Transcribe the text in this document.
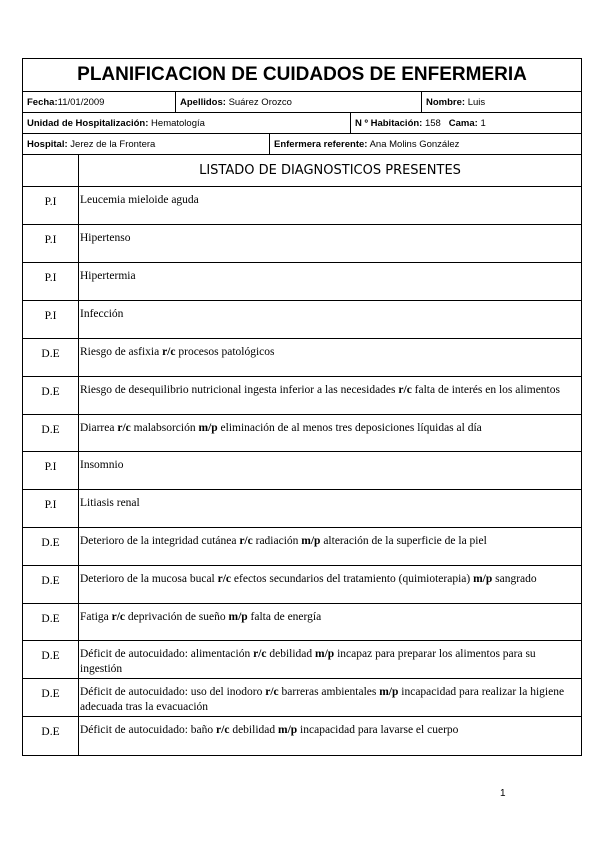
PLANIFICACION DE CUIDADOS DE ENFERMERIA
Fecha:11/01/2009	Apellidos: Suárez Orozco	Nombre: Luis
Unidad de Hospitalización: Hematología	N º Habitación: 158 Cama: 1
Hospital: Jerez de la Frontera	Enfermera referente: Ana Molins González
LISTADO DE DIAGNOSTICOS PRESENTES
P.I	Leucemia mieloide aguda
P.I	Hipertenso
P.I	Hipertermia
P.I	Infección
D.E	Riesgo de asfixia r/c procesos patológicos
D.E	Riesgo de desequilibrio nutricional ingesta inferior a las necesidades r/c falta de interés en los alimentos
D.E	Diarrea r/c malabsorción m/p eliminación de al menos tres deposiciones líquidas al día
P.I	Insomnio
P.I	Litiasis renal
D.E	Deterioro de la integridad cutánea r/c radiación m/p alteración de la superficie de la piel
D.E	Deterioro de la mucosa bucal r/c efectos secundarios del tratamiento (quimioterapia) m/p sangrado
D.E	Fatiga r/c deprivación de sueño m/p falta de energía
D.E	Déficit de autocuidado: alimentación r/c debilidad m/p incapaz para preparar los alimentos para su ingestión
D.E	Déficit de autocuidado: uso del inodoro r/c barreras ambientales m/p incapacidad para realizar la higiene adecuada tras la evacuación
D.E	Déficit de autocuidado: baño r/c debilidad m/p incapacidad para lavarse el cuerpo
1
